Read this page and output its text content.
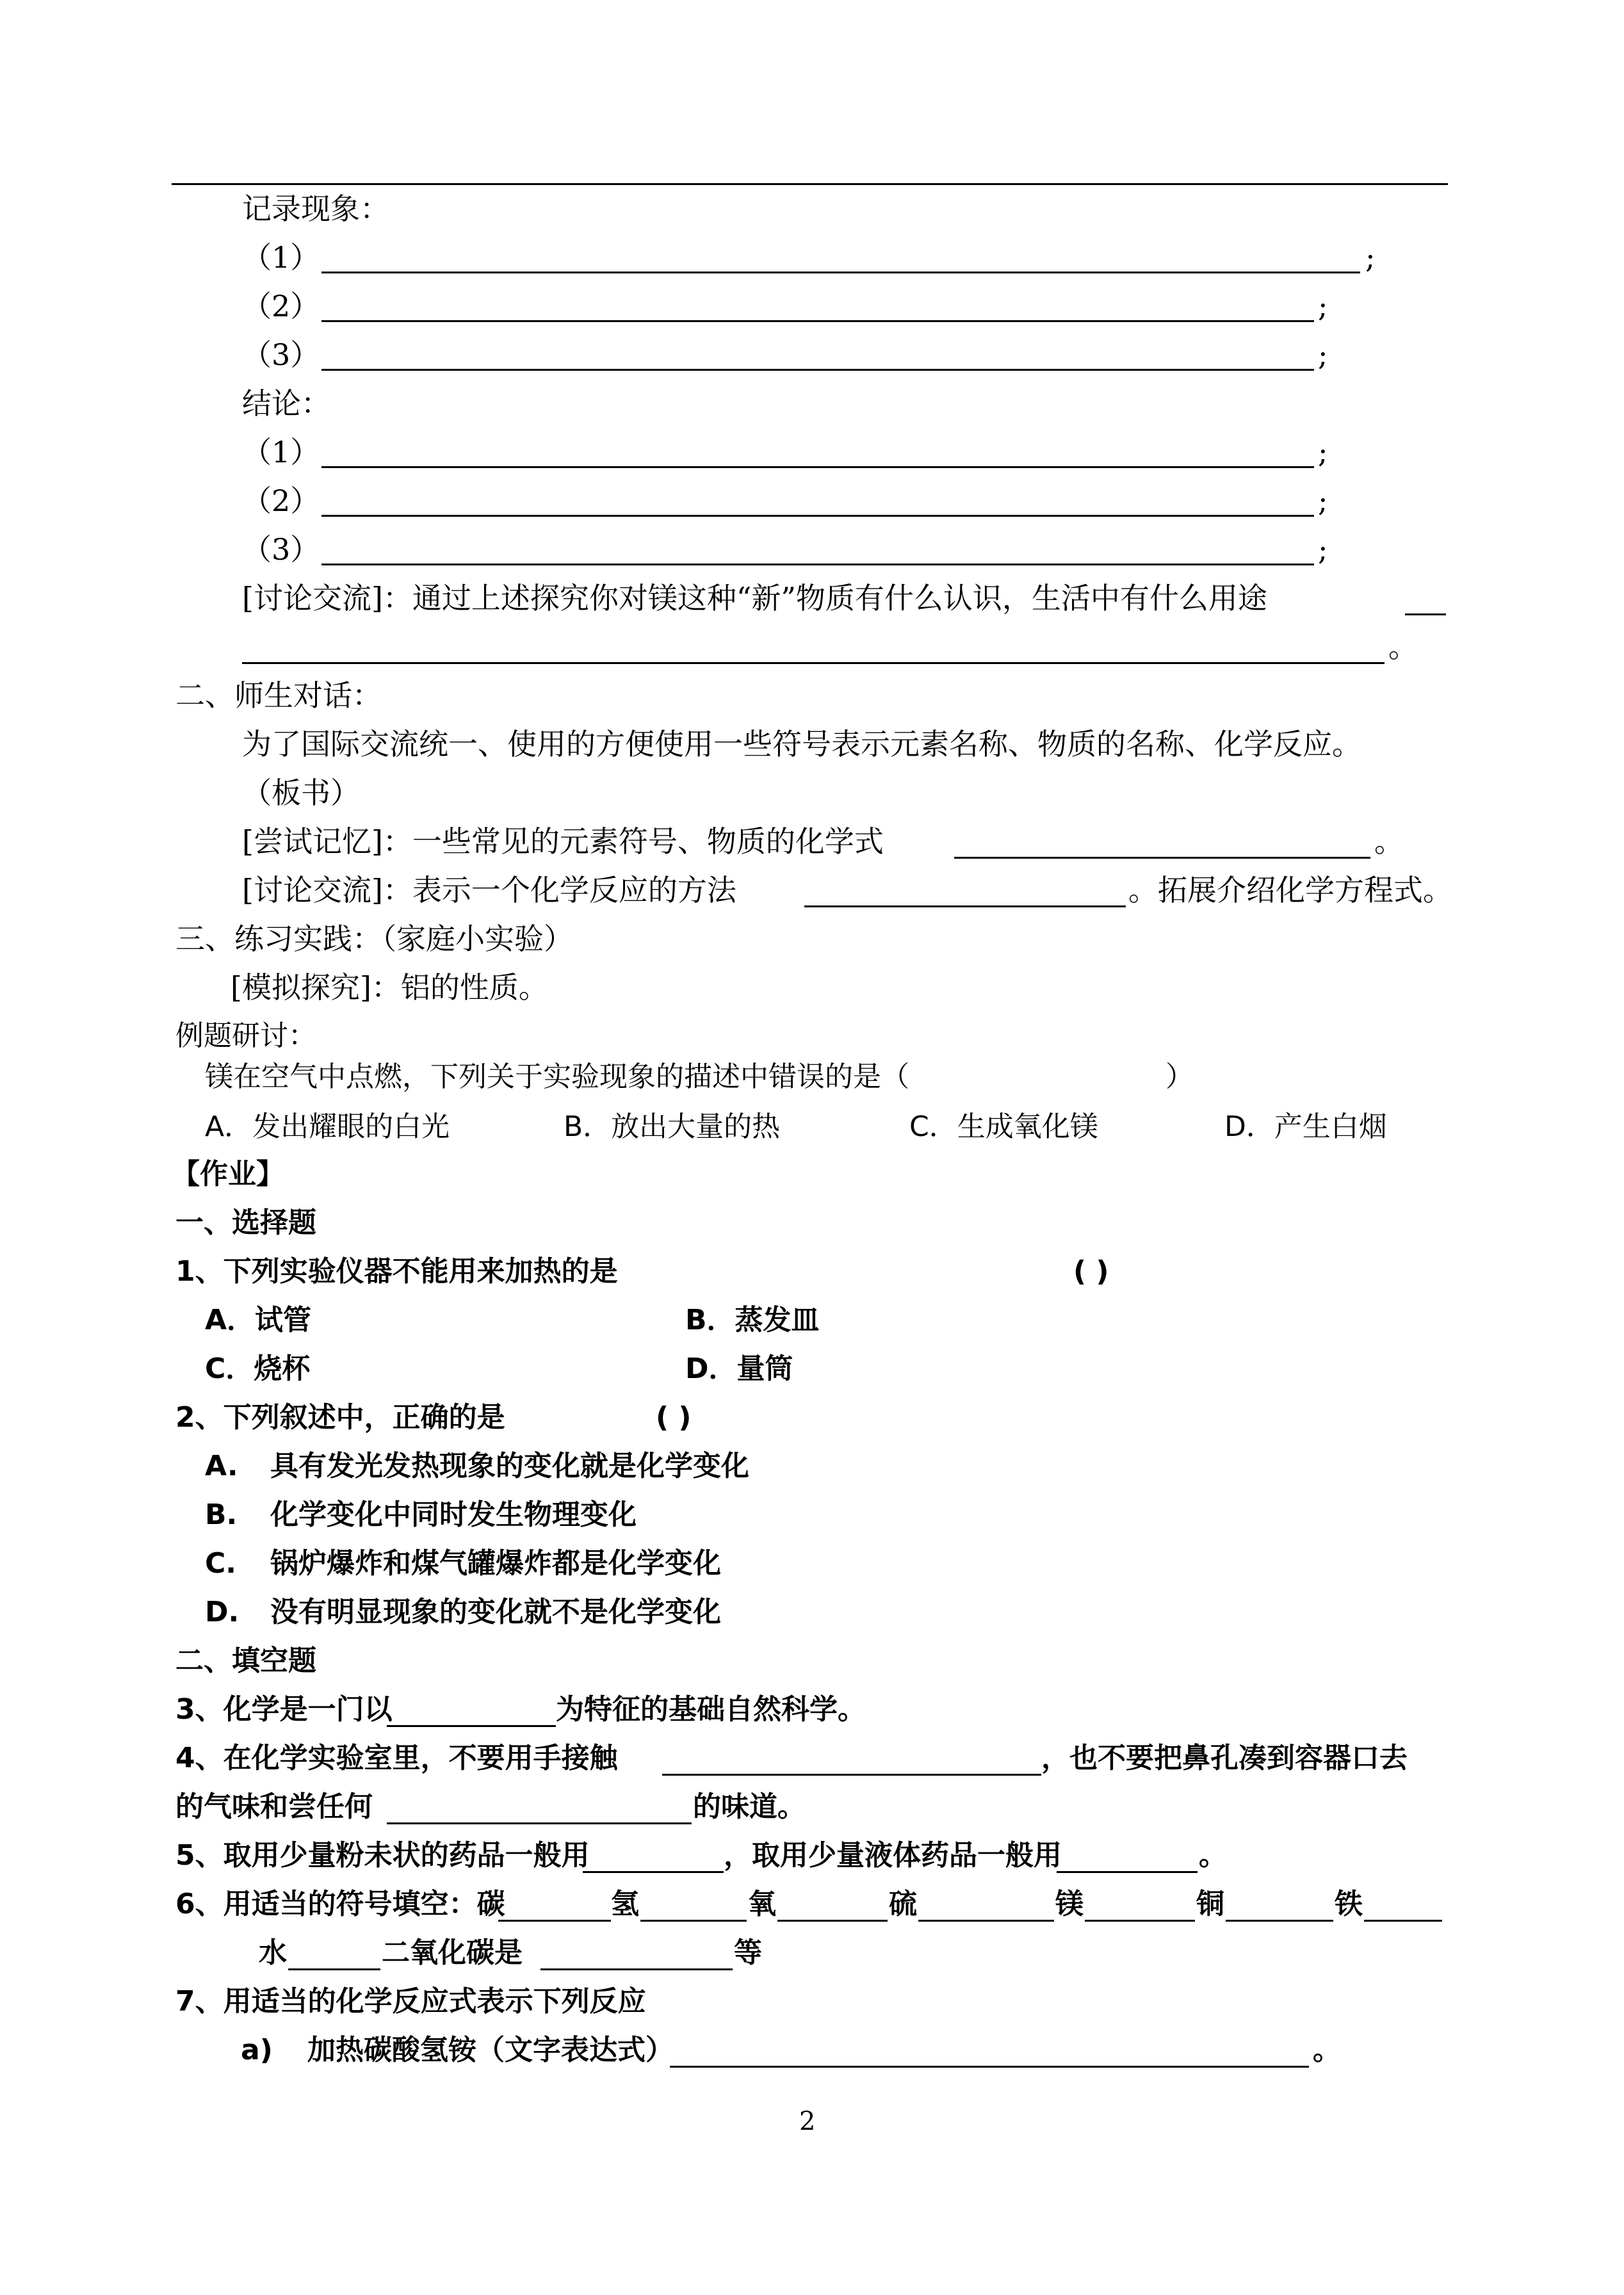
记录现象：
（1）	;
（2）	;
（3）	;
结论：
（1）	;
（2）	;
（3）	;
[讨论交流]：通过上述探究你对镁这种“新”物质有什么认识，生活中有什么用途
。
二、师生对话：
为了国际交流统一、使用的方便使用一些符号表示元素名称、物质的名称、化学反应。
（板书）
[尝试记忆]：一些常见的元素符号、物质的化学式	。
[讨论交流]：表示一个化学反应的方法	。拓展介绍化学方程式。
三、练习实践：（家庭小实验）
[模拟探究]：铝的性质。
例题研讨：
镁在空气中点燃，下列关于实验现象的描述中错误的是（	）
A．发出耀眼的白光	B．放出大量的热	C．生成氧化镁	D．产生白烟
【作业】
一、选择题
1、下列实验仪器不能用来加热的是	( )
A．试管	B．蒸发皿
C．烧杯	D．量筒
2、下列叙述中，正确的是	( )
A. 具有发光发热现象的变化就是化学变化
B. 化学变化中同时发生物理变化
C. 锅炉爆炸和煤气罐爆炸都是化学变化
D. 没有明显现象的变化就不是化学变化
二、填空题
3、化学是一门以	为特征的基础自然科学。
4、在化学实验室里，不要用手接触	，也不要把鼻孔凑到容器口去
的气味和尝任何	的味道。
5、取用少量粉未状的药品一般用	，取用少量液体药品一般用	。
6、用适当的符号填空：碳	氢	氧	硫	镁	铜	铁
水	二氧化碳是	等
7、用适当的化学反应式表示下列反应
a) 加热碳酸氢铵（文字表达式）	。
2
